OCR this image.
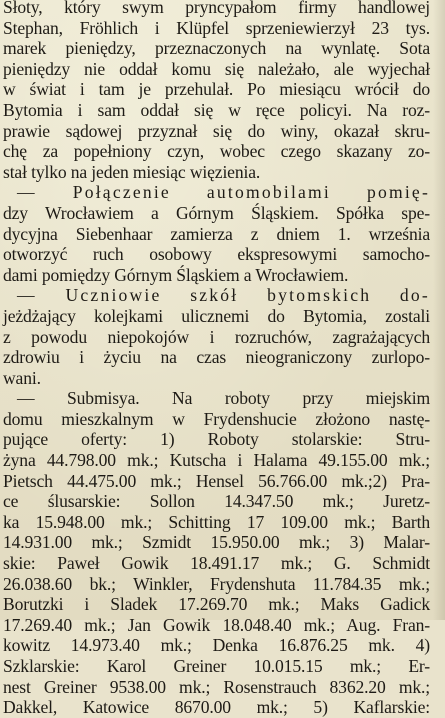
Słoty, który swym pryncypałom firmy handlowej
Stephan, Fröhlich i Klüpfel sprzeniewierzył 23 tys.
marek pieniędzy, przeznaczonych na wynlatę. Sota
pieniędzy nie oddał komu się należało, ale wyjechał
w świat i tam je przehulał. Po miesiącu wrócił do
Bytomia i sam oddał się w ręce policyi. Na roz-
prawie sądowej przyznał się do winy, okazał skru-
chę za popełniony czyn, wobec czego skazany zo-
stał tylko na jeden miesiąc więzienia.
— Połączenie automobilami pomię-
dzy Wrocławiem a Górnym Śląskiem. Spółka spe-
dycyjna Siebenhaar zamierza z dniem 1. września
otworzyć ruch osobowy ekspresowymi samocho-
dami pomiędzy Górnym Śląskiem a Wrocławiem.
— Uczniowie szkół bytomskich do-
jeżdżający kolejkami ulicznemi do Bytomia, zostali
z powodu niepokojów i rozruchów, zagrażających
zdrowiu i życiu na czas nieograniczony zurlopo-
wani.
— Submisya. Na roboty przy miejskim
domu mieszkalnym w Frydenshucie złożono nastę-
pujące oferty: 1) Roboty stolarskie: Stru-
żyna 44.798.00 mk.; Kutscha i Halama 49.155.00 mk.;
Pietsch 44.475.00 mk.; Hensel 56.766.00 mk.;2) Pra-
ce ślusarskie: Sollon 14.347.50 mk.; Juretz-
ka 15.948.00 mk.; Schitting 17 109.00 mk.; Barth
14.931.00 mk.; Szmidt 15.950.00 mk.; 3) Malar-
skie: Paweł Gowik 18.491.17 mk.; G. Schmidt
26.038.60 bk.; Winkler, Frydenshuta 11.784.35 mk.;
Borutzki i Sladek 17.269.70 mk.; Maks Gadick
17.269.40 mk.; Jan Gowik 18.048.40 mk.; Aug. Fran-
kowitz 14.973.40 mk.; Denka 16.876.25 mk. 4)
Szklarskie: Karol Greiner 10.015.15 mk.; Er-
nest Greiner 9538.00 mk.; Rosenstrauch 8362.20 mk.;
Dakkel, Katowice 8670.00 mk.; 5) Kaflarskie:
